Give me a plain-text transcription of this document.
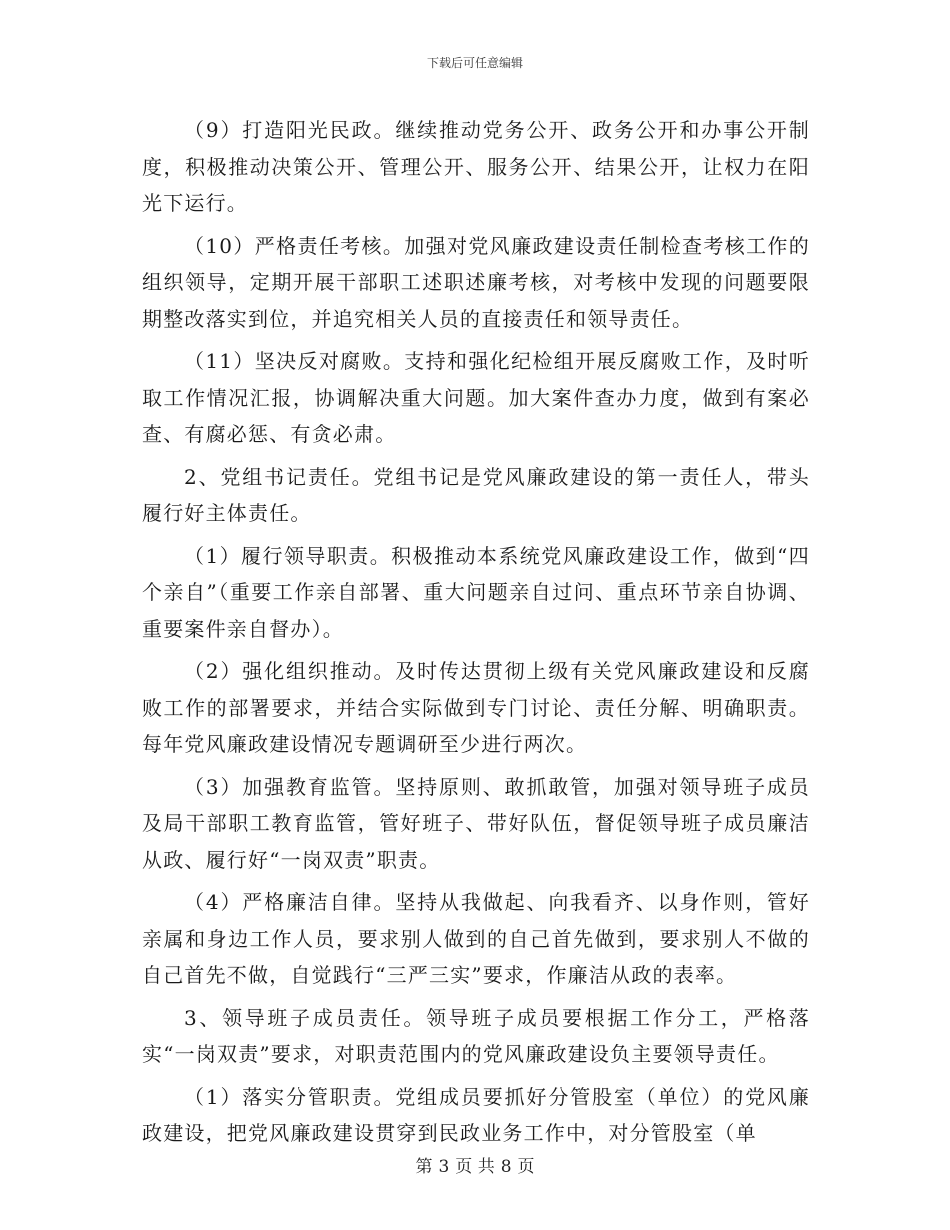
下载后可任意编辑

（9）打造阳光民政。继续推动党务公开、政务公开和办事公开制度，积极推动决策公开、管理公开、服务公开、结果公开，让权力在阳光下运行。

（10）严格责任考核。加强对党风廉政建设责任制检查考核工作的组织领导，定期开展干部职工述职述廉考核，对考核中发现的问题要限期整改落实到位，并追究相关人员的直接责任和领导责任。

（11）坚决反对腐败。支持和强化纪检组开展反腐败工作，及时听取工作情况汇报，协调解决重大问题。加大案件查办力度，做到有案必查、有腐必惩、有贪必肃。

2、党组书记责任。党组书记是党风廉政建设的第一责任人，带头履行好主体责任。

（1）履行领导职责。积极推动本系统党风廉政建设工作，做到“四个亲自”（重要工作亲自部署、重大问题亲自过问、重点环节亲自协调、重要案件亲自督办）。

（2）强化组织推动。及时传达贯彻上级有关党风廉政建设和反腐败工作的部署要求，并结合实际做到专门讨论、责任分解、明确职责。每年党风廉政建设情况专题调研至少进行两次。

（3）加强教育监管。坚持原则、敢抓敢管，加强对领导班子成员及局干部职工教育监管，管好班子、带好队伍，督促领导班子成员廉洁从政、履行好“一岗双责”职责。

（4）严格廉洁自律。坚持从我做起、向我看齐、以身作则，管好亲属和身边工作人员，要求别人做到的自己首先做到，要求别人不做的自己首先不做，自觉践行“三严三实”要求，作廉洁从政的表率。

3、领导班子成员责任。领导班子成员要根据工作分工，严格落实“一岗双责”要求，对职责范围内的党风廉政建设负主要领导责任。

（1）落实分管职责。党组成员要抓好分管股室（单位）的党风廉政建设，把党风廉政建设贯穿到民政业务工作中，对分管股室（单

第 3 页 共 8 页
